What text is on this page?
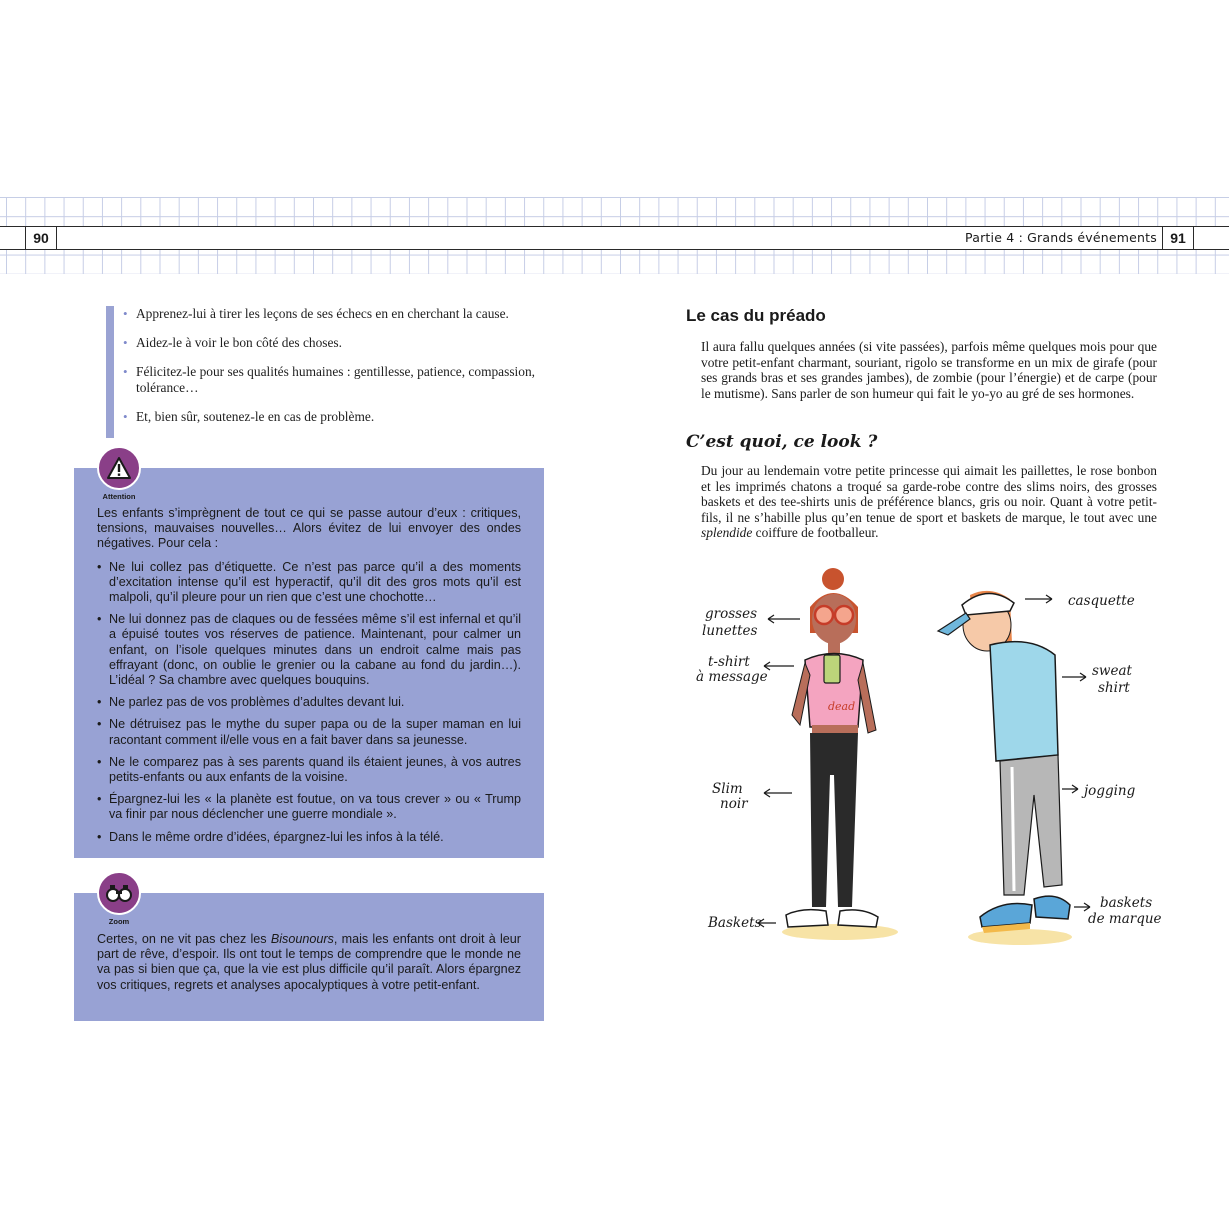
90	Partie 4 : Grands événements 91
• Apprenez-lui à tirer les leçons de ses échecs en en cherchant la cause.
• Aidez-le à voir le bon côté des choses.
• Félicitez-le pour ses qualités humaines : gentillesse, patience, compassion, tolérance…
• Et, bien sûr, soutenez-le en cas de problème.
Attention

Les enfants s’imprègnent de tout ce qui se passe autour d’eux : critiques, tensions, mauvaises nouvelles… Alors évitez de lui envoyer des ondes négatives. Pour cela :

• Ne lui collez pas d’étiquette. Ce n’est pas parce qu’il a des moments d’excitation intense qu’il est hyperactif, qu’il dit des gros mots qu’il est malpoli, qu’il pleure pour un rien que c’est une chochotte…
• Ne lui donnez pas de claques ou de fessées même s’il est infernal et qu’il a épuisé toutes vos réserves de patience. Maintenant, pour calmer un enfant, on l’isole quelques minutes dans un endroit calme mais pas effrayant (donc, on oublie le grenier ou la cabane au fond du jardin…). L’idéal ? Sa chambre avec quelques bouquins.
• Ne parlez pas de vos problèmes d’adultes devant lui.
• Ne détruisez pas le mythe du super papa ou de la super maman en lui racontant comment il/elle vous en a fait baver dans sa jeunesse.
• Ne le comparez pas à ses parents quand ils étaient jeunes, à vos autres petits-enfants ou aux enfants de la voisine.
• Épargnez-lui les « la planète est foutue, on va tous crever » ou « Trump va finir par nous déclencher une guerre mondiale ».
• Dans le même ordre d’idées, épargnez-lui les infos à la télé.
Zoom

Certes, on ne vit pas chez les Bisounours, mais les enfants ont droit à leur part de rêve, d’espoir. Ils ont tout le temps de comprendre que le monde ne va pas si bien que ça, que la vie est plus difficile qu’il paraît. Alors épargnez vos critiques, regrets et analyses apocalyptiques à votre petit-enfant.

Le cas du préado

Il aura fallu quelques années (si vite passées), parfois même quelques mois pour que votre petit-enfant charmant, souriant, rigolo se transforme en un mix de girafe (pour ses grands bras et ses grandes jambes), de zombie (pour l’énergie) et de carpe (pour le mutisme). Sans parler de son humeur qui fait le yo-yo au gré de ses hormones.

C’est quoi, ce look ?

Du jour au lendemain votre petite princesse qui aimait les paillettes, le rose bonbon et les imprimés chatons a troqué sa garde-robe contre des slims noirs, des grosses baskets et des tee-shirts unis de préférence blancs, gris ou noir. Quant à votre petit-fils, il ne s’habille plus qu’en tenue de sport et baskets de marque, le tout avec une splendide coiffure de footballeur.

dead
grosses
lunettes
t-shirt
à message
Slim
noir
Baskets
casquette
sweat
shirt
jogging
baskets
de marque
